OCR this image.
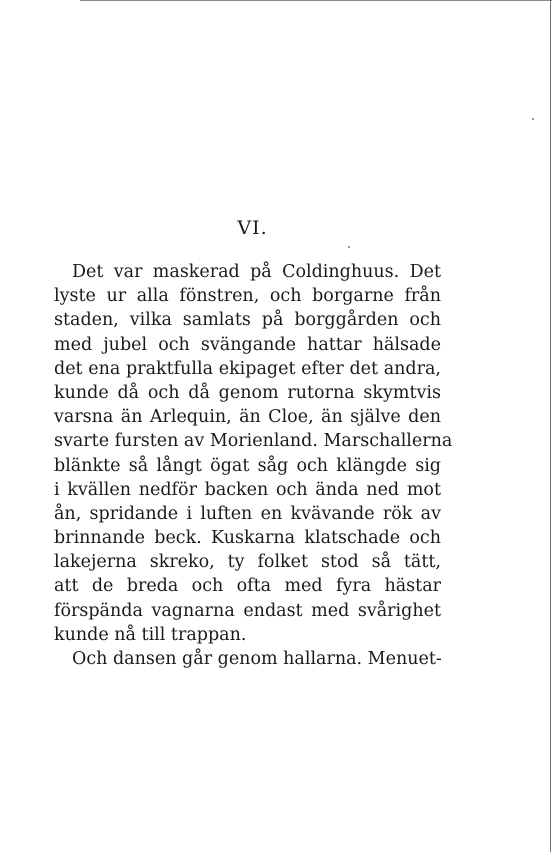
VI.
Det var maskerad på Coldinghuus. Det
lyste ur alla fönstren, och borgarne från
staden, vilka samlats på borggården och
med jubel och svängande hattar hälsade
det ena praktfulla ekipaget efter det andra,
kunde då och då genom rutorna skymtvis
varsna än Arlequin, än Cloe, än själve den
svarte fursten av Morienland. Marschallerna
blänkte så långt ögat såg och klängde sig
i kvällen nedför backen och ända ned mot
ån, spridande i luften en kvävande rök av
brinnande beck. Kuskarna klatschade och
lakejerna skreko, ty folket stod så tätt,
att de breda och ofta med fyra hästar
förspända vagnarna endast med svårighet
kunde nå till trappan.
Och dansen går genom hallarna. Menuet-
